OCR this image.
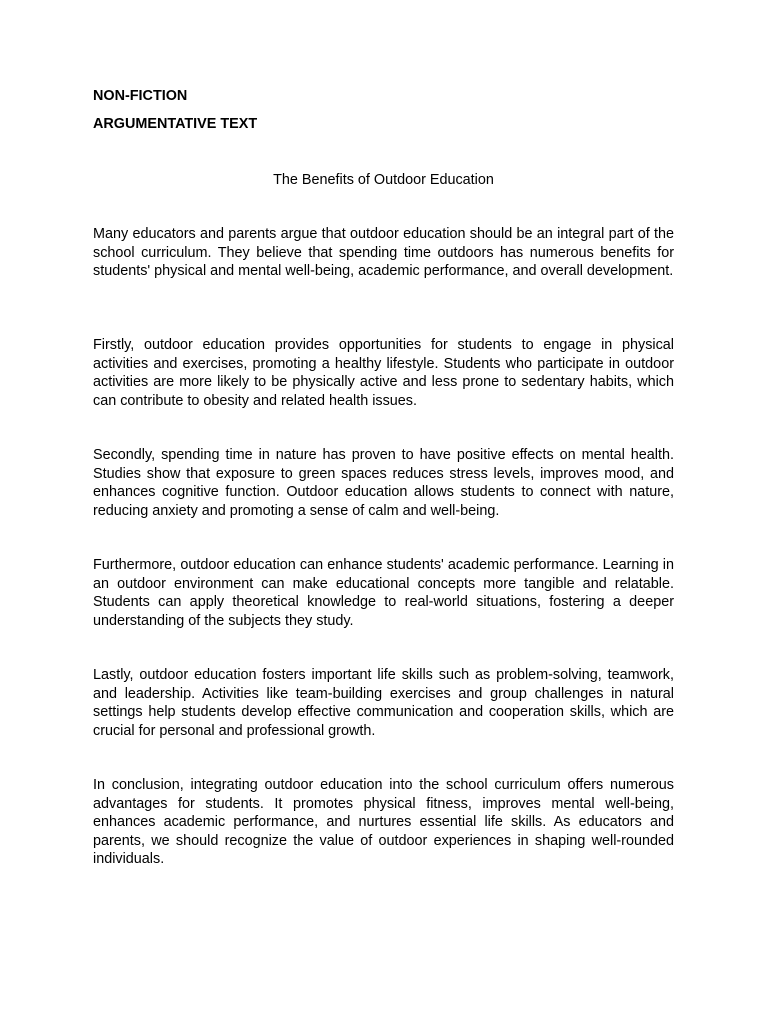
NON-FICTION

ARGUMENTATIVE TEXT

The Benefits of Outdoor Education

Many educators and parents argue that outdoor education should be an integral part of the school curriculum. They believe that spending time outdoors has numerous benefits for students' physical and mental well-being, academic performance, and overall development.

Firstly, outdoor education provides opportunities for students to engage in physical activities and exercises, promoting a healthy lifestyle. Students who participate in outdoor activities are more likely to be physically active and less prone to sedentary habits, which can contribute to obesity and related health issues.

Secondly, spending time in nature has proven to have positive effects on mental health. Studies show that exposure to green spaces reduces stress levels, improves mood, and enhances cognitive function. Outdoor education allows students to connect with nature, reducing anxiety and promoting a sense of calm and well-being.

Furthermore, outdoor education can enhance students' academic performance. Learning in an outdoor environment can make educational concepts more tangible and relatable. Students can apply theoretical knowledge to real-world situations, fostering a deeper understanding of the subjects they study.

Lastly, outdoor education fosters important life skills such as problem-solving, teamwork, and leadership. Activities like team-building exercises and group challenges in natural settings help students develop effective communication and cooperation skills, which are crucial for personal and professional growth.

In conclusion, integrating outdoor education into the school curriculum offers numerous advantages for students. It promotes physical fitness, improves mental well-being, enhances academic performance, and nurtures essential life skills. As educators and parents, we should recognize the value of outdoor experiences in shaping well-rounded individuals.
